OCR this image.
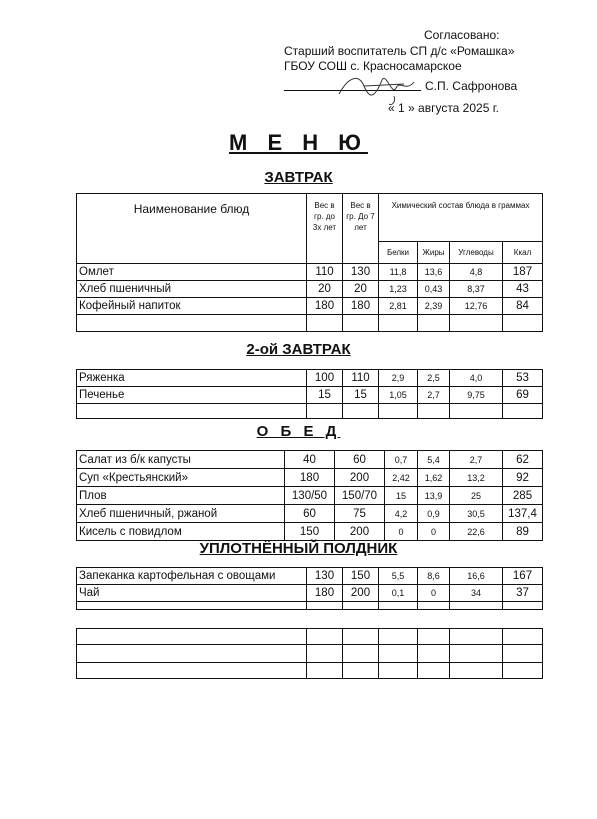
Согласовано:
Старший воспитатель СП д/с «Ромашка»
ГБОУ СОШ с. Красносамарское
С.П. Сафронова
« 1 » августа 2025 г.
М Е Н Ю
ЗАВТРАК
Наименование блюд	Вес в гр. до 3х лет	Вес в гр. До 7 лет	Химический состав блюда в граммах			
			Белки	Жиры	Углеводы	Ккал
Омлет	110	130	11,8	13,6	4,8	187
Хлеб пшеничный	20	20	1,23	0,43	8,37	43
Кофейный напиток	180	180	2,81	2,39	12,76	84

2-ой ЗАВТРАК
Ряженка	100	110	2,9	2,5	4,0	53
Печенье	15	15	1,05	2,7	9,75	69

О Б Е Д
Салат из б/к капусты	40	60	0,7	5,4	2,7	62
Суп «Крестьянский»	180	200	2,42	1,62	13,2	92
Плов	130/50	150/70	15	13,9	25	285
Хлеб пшеничный, ржаной	60	75	4,2	0,9	30,5	137,4
Кисель с повидлом	150	200	0	0	22,6	89
УПЛОТНЁННЫЙ ПОЛДНИК
Запеканка картофельная с овощами	130	150	5,5	8,6	16,6	167
Чай	180	200	0,1	0	34	37
